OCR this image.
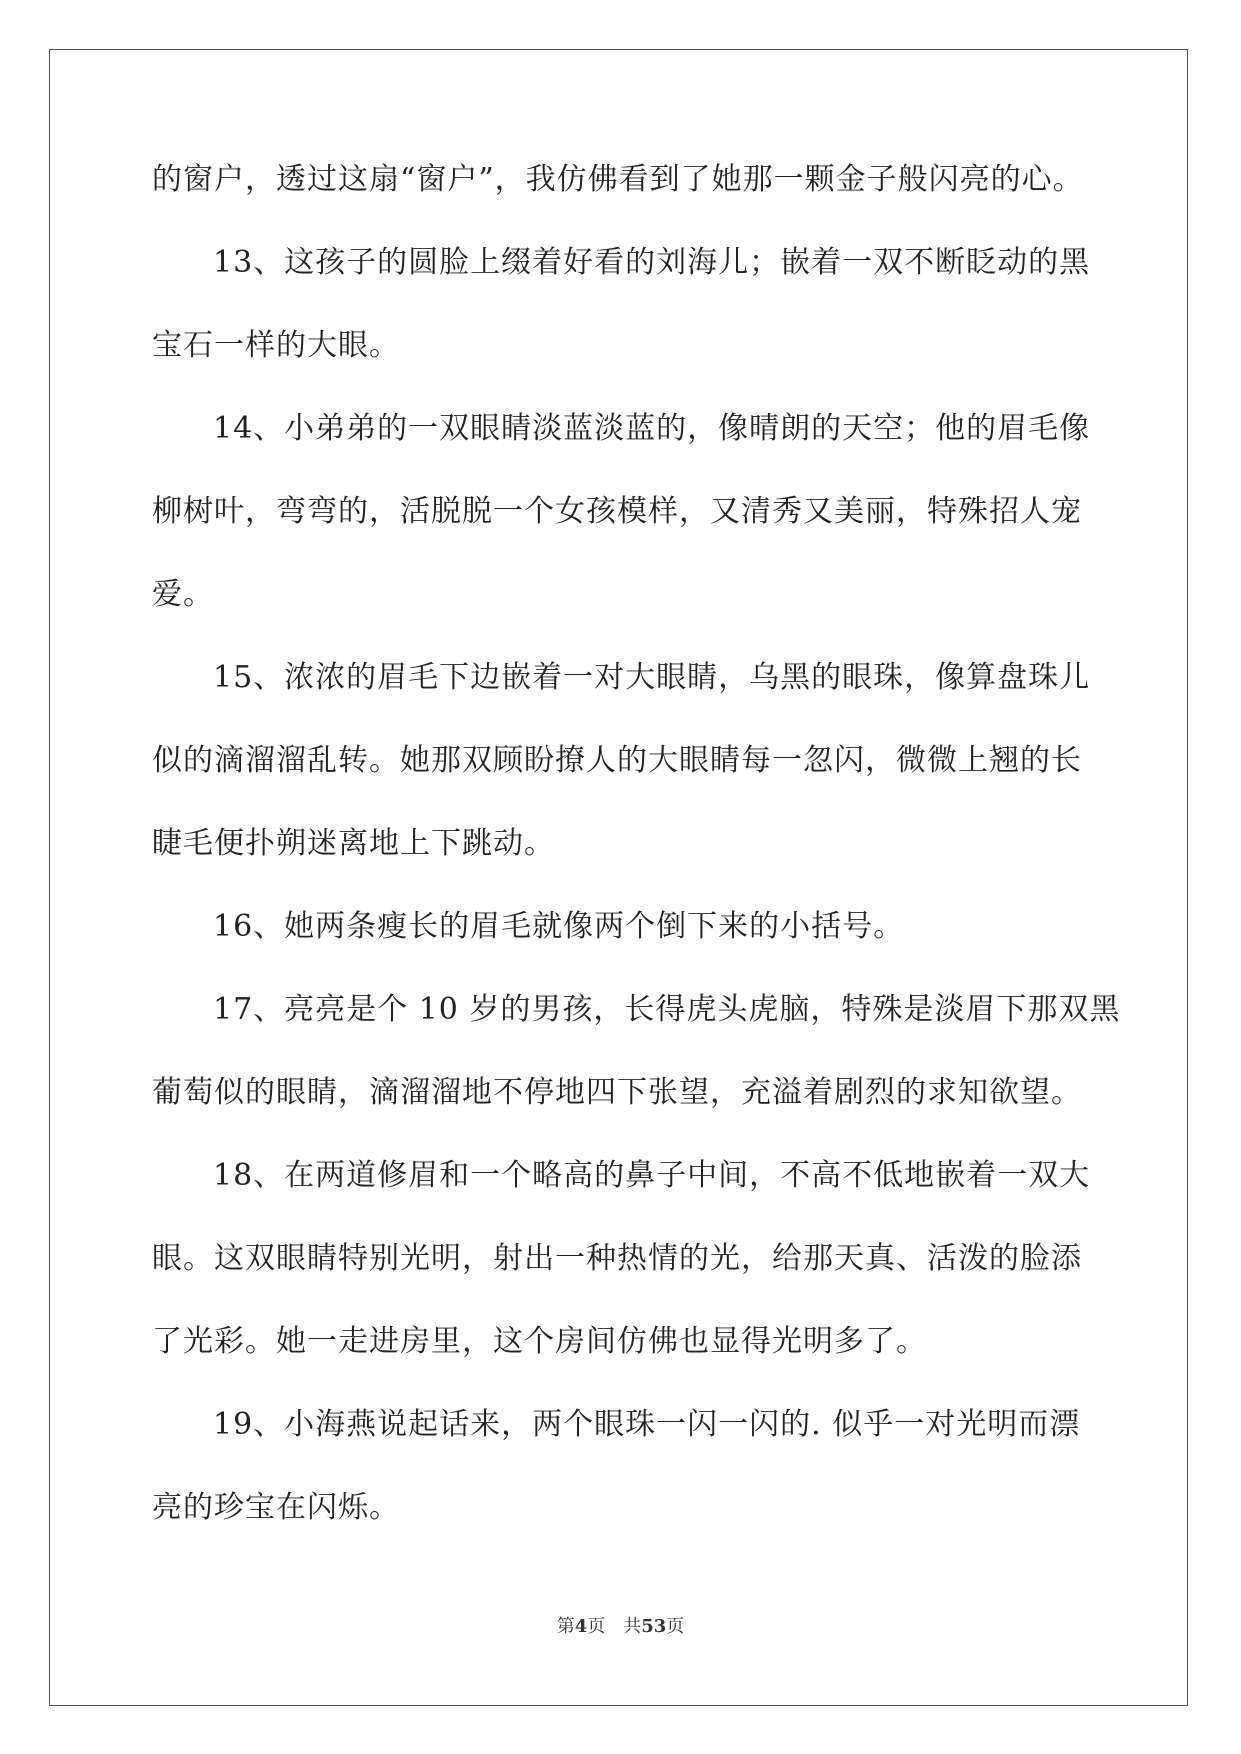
的窗户，透过这扇“窗户”，我仿佛看到了她那一颗金子般闪亮的心。
13、这孩子的圆脸上缀着好看的刘海儿；嵌着一双不断眨动的黑
宝石一样的大眼。
14、小弟弟的一双眼睛淡蓝淡蓝的，像晴朗的天空；他的眉毛像
柳树叶，弯弯的，活脱脱一个女孩模样，又清秀又美丽，特殊招人宠
爱。
15、浓浓的眉毛下边嵌着一对大眼睛，乌黑的眼珠，像算盘珠儿
似的滴溜溜乱转。她那双顾盼撩人的大眼睛每一忽闪，微微上翘的长
睫毛便扑朔迷离地上下跳动。
16、她两条瘦长的眉毛就像两个倒下来的小括号。
17、亮亮是个 10 岁的男孩，长得虎头虎脑，特殊是淡眉下那双黑
葡萄似的眼睛，滴溜溜地不停地四下张望，充溢着剧烈的求知欲望。
18、在两道修眉和一个略高的鼻子中间，不高不低地嵌着一双大
眼。这双眼睛特别光明，射出一种热情的光，给那天真、活泼的脸添
了光彩。她一走进房里，这个房间仿佛也显得光明多了。
19、小海燕说起话来，两个眼珠一闪一闪的. 似乎一对光明而漂
亮的珍宝在闪烁。
第4页　共53页
